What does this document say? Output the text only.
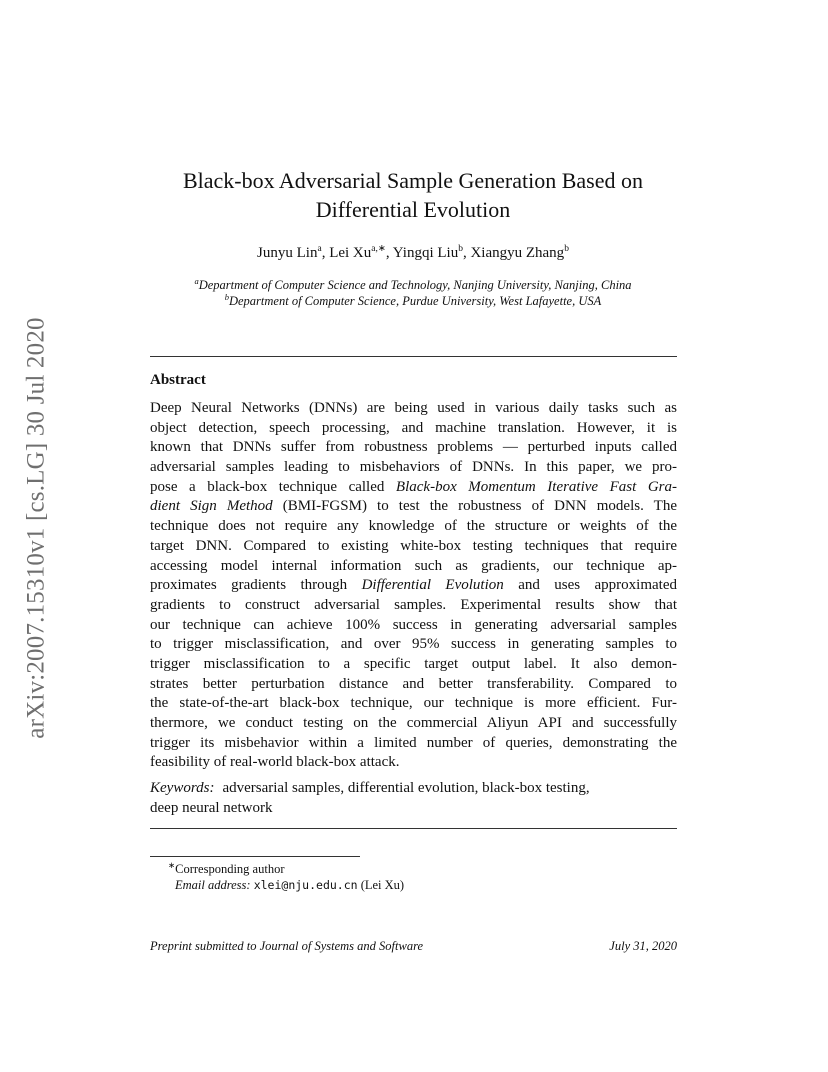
arXiv:2007.15310v1 [cs.LG] 30 Jul 2020
Black-box Adversarial Sample Generation Based on
Differential Evolution
Junyu Lin$^a$, Lei $Xu^{a,∗}$, Yingqi Liu$^b$, Xiangyu Zhang$^b$
$^a$Department of Computer Science and Technology, Nanjing University, Nanjing, China
$^b$Department of Computer Science, Purdue University, West Lafayette, USA
Abstract
Deep Neural Networks (DNNs) are being used in various daily tasks such as
object detection, speech processing, and machine translation. However, it is
known that DNNs suffer from robustness problems — perturbed inputs called
adversarial samples leading to misbehaviors of DNNs. In this paper, we pro-
pose a black-box technique called Black-box Momentum Iterative Fast Gra-
dient Sign Method (BMI-FGSM) to test the robustness of DNN models. The
technique does not require any knowledge of the structure or weights of the
target DNN. Compared to existing white-box testing techniques that require
accessing model internal information such as gradients, our technique ap-
proximates gradients through Differential Evolution and uses approximated
gradients to construct adversarial samples. Experimental results show that
our technique can achieve 100% success in generating adversarial samples
to trigger misclassification, and over 95% success in generating samples to
trigger misclassification to a specific target output label. It also demon-
strates better perturbation distance and better transferability. Compared to
the state-of-the-art black-box technique, our technique is more efficient. Fur-
thermore, we conduct testing on the commercial Aliyun API and successfully
trigger its misbehavior within a limited number of queries, demonstrating the
feasibility of real-world black-box attack.
Keywords: adversarial samples, differential evolution, black-box testing,
deep neural network
∗Corresponding author
Email address: xlei@nju.edu.cn (Lei Xu)
Preprint submitted to Journal of Systems and Software	July 31, 2020
